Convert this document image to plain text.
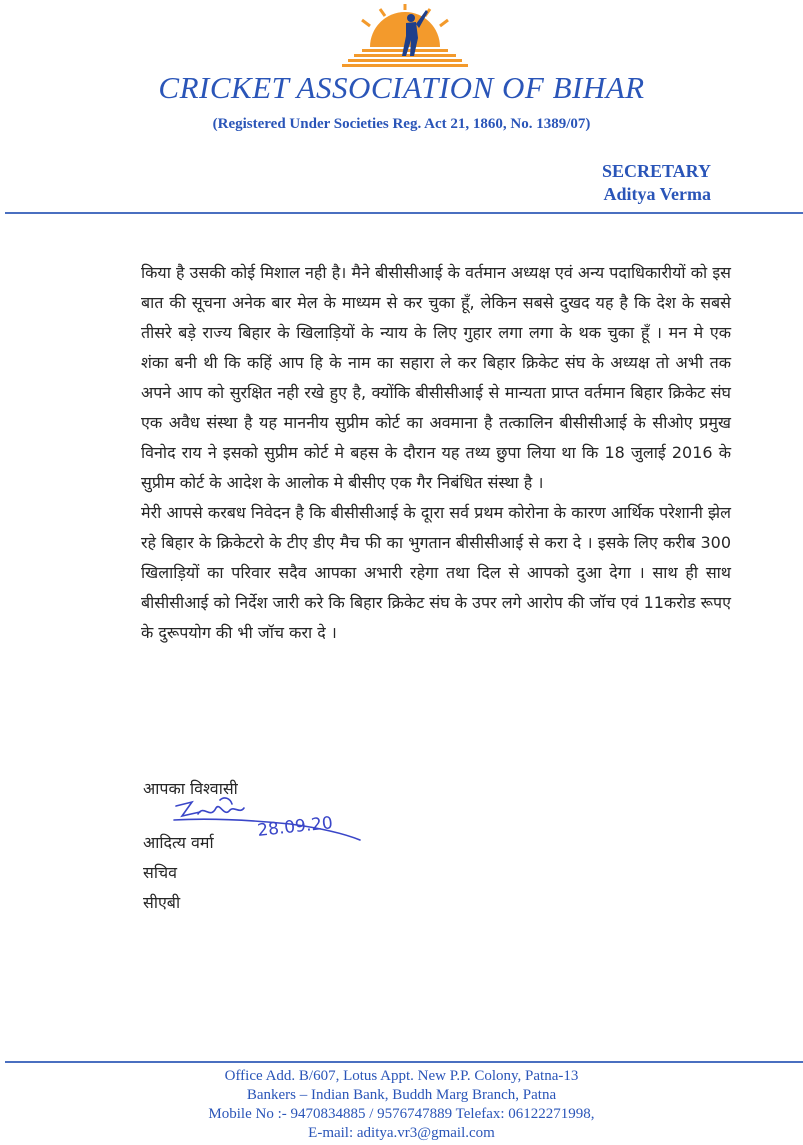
CRICKET ASSOCIATION OF BIHAR
(Registered Under Societies Reg. Act 21, 1860, No. 1389/07)
SECRETARY
Aditya Verma

किया है उसकी कोई मिशाल नही है। मैने बीसीसीआई के वर्तमान अध्यक्ष एवं अन्य पदाधिकारीयों को इस बात की सूचना अनेक बार मेल के माध्यम से कर चुका हूँ, लेकिन सबसे दुखद यह है कि देश के सबसे तीसरे बड़े राज्य बिहार के खिलाड़ियों के न्याय के लिए गुहार लगा लगा के थक चुका हूँ । मन मे एक शंका बनी थी कि कहिं आप हि के नाम का सहारा ले कर बिहार क्रिकेट संघ के अध्यक्ष तो अभी तक अपने आप को सुरक्षित नही रखे हुए है, क्योंकि बीसीसीआई से मान्यता प्राप्त वर्तमान बिहार क्रिकेट संघ एक अवैध संस्था है यह माननीय सुप्रीम कोर्ट का अवमाना है तत्कालिन बीसीसीआई के सीओए प्रमुख विनोद राय ने इसको सुप्रीम कोर्ट मे बहस के दौरान यह तथ्य छुपा लिया था कि 18 जुलाई 2016 के सुप्रीम कोर्ट के आदेश के आलोक मे बीसीए एक गैर निबंधित संस्था है ।

मेरी आपसे करबध निवेदन है कि बीसीसीआई के दूारा सर्व प्रथम कोरोना के कारण आर्थिक परेशानी झेल रहे बिहार के क्रिकेटरो के टीए डीए मैच फी का भुगतान बीसीसीआई से करा दे । इसके लिए करीब 300 खिलाड़ियों का परिवार सदैव आपका अभारी रहेगा तथा दिल से आपको दुआ देगा । साथ ही साथ बीसीसीआई को निर्देश जारी करे कि बिहार क्रिकेट संघ के उपर लगे आरोप की जॉच एवं 11करोड रूपए के दुरूपयोग की भी जॉच करा दे ।

आपका विश्वासी
28.09.20
आदित्य वर्मा
सचिव
सीएबी
Office Add. B/607, Lotus Appt. New P.P. Colony, Patna-13
Bankers – Indian Bank, Buddh Marg Branch, Patna
Mobile No :- 9470834885 / 9576747889 Telefax: 06122271998,
E-mail: aditya.vr3@gmail.com
